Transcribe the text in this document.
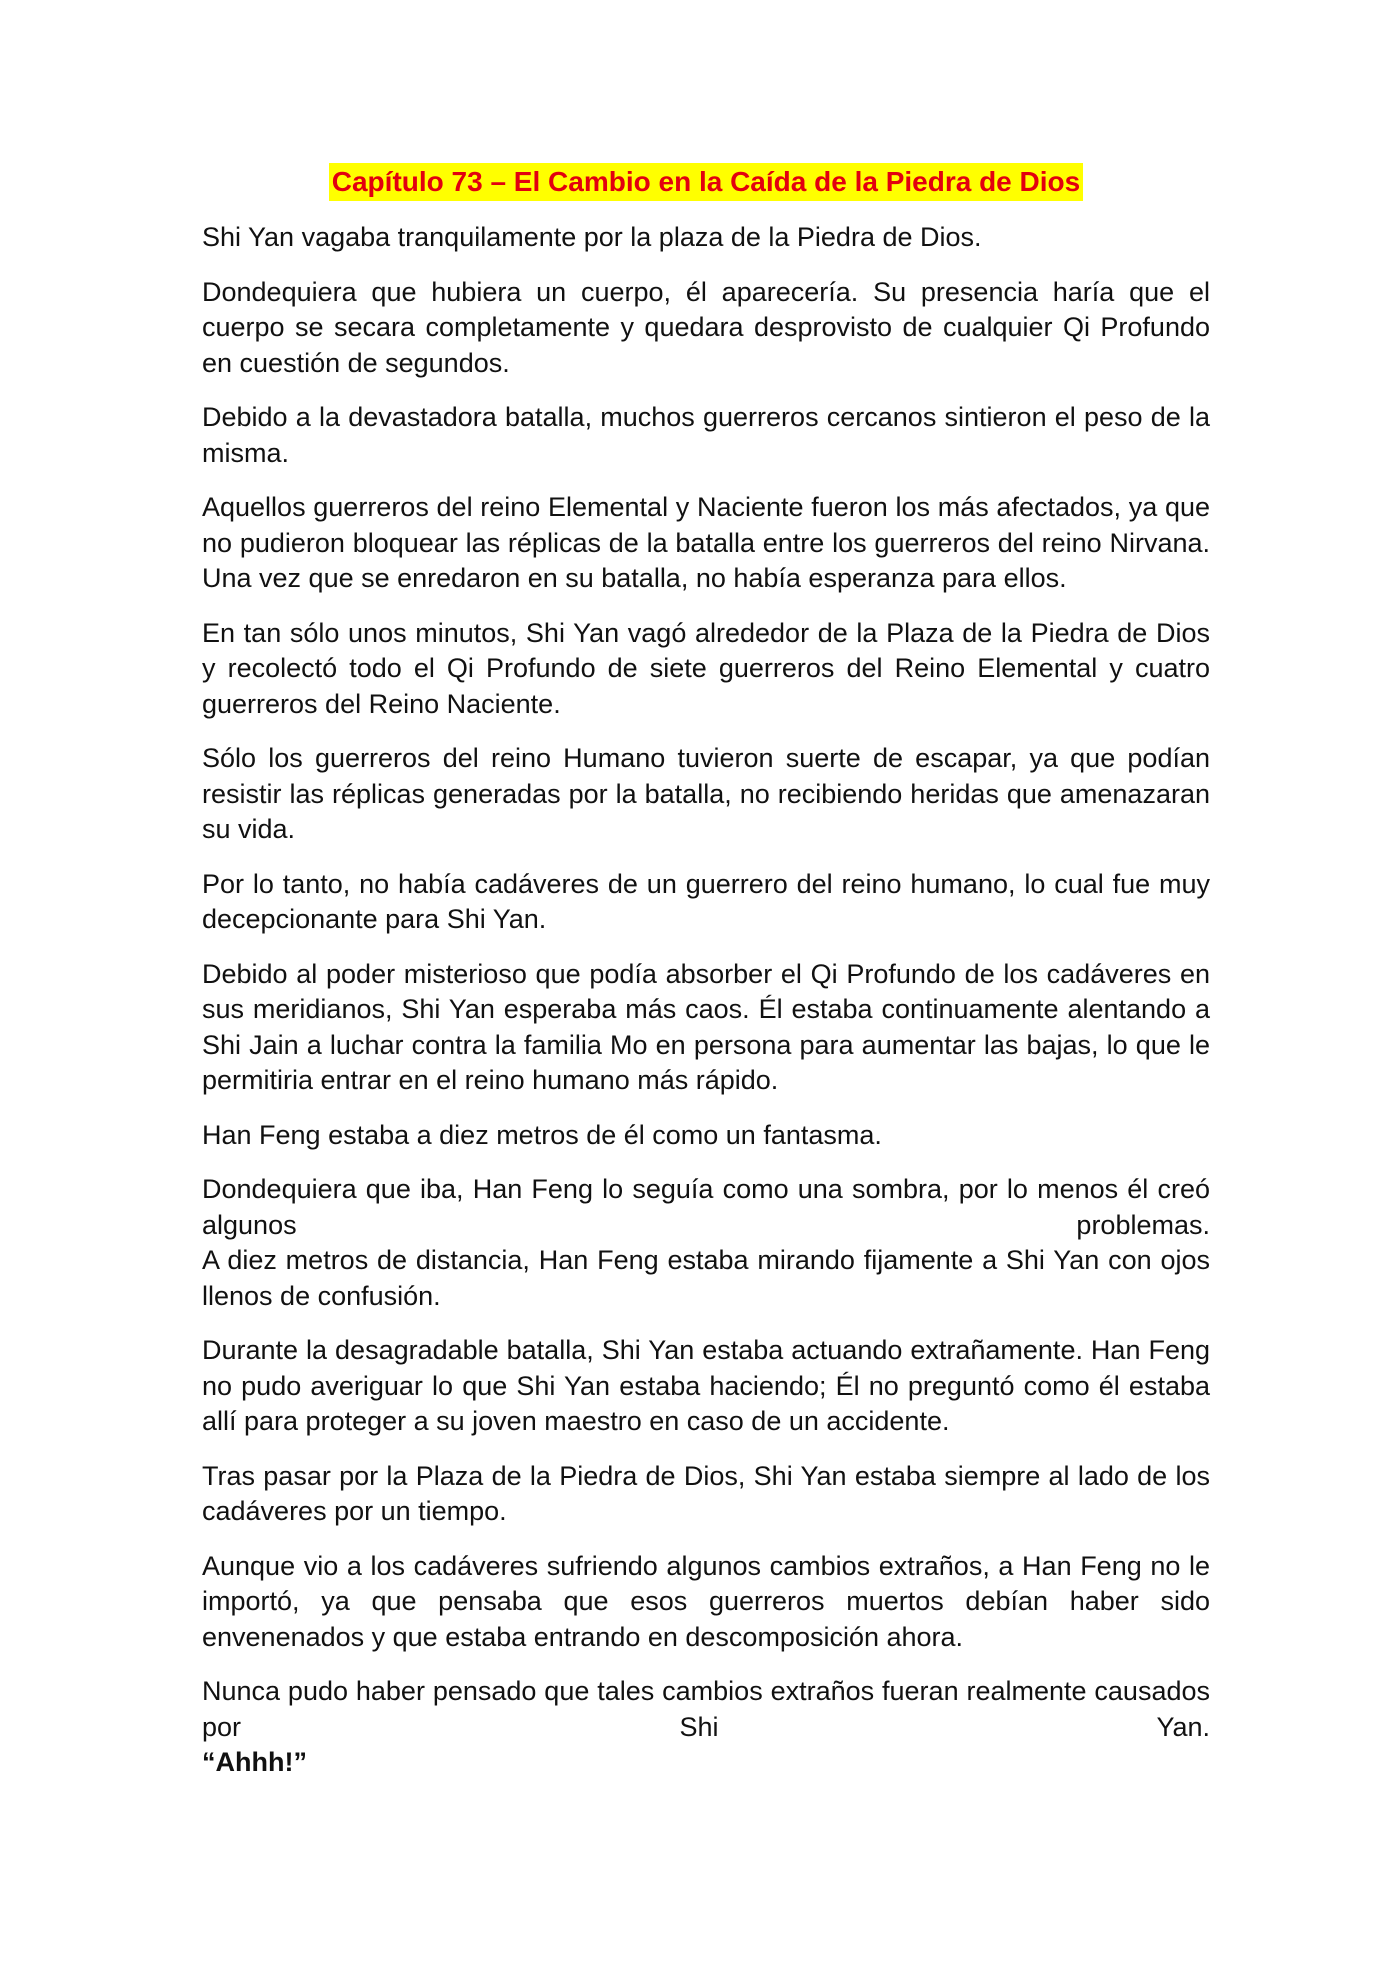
Capítulo 73 – El Cambio en la Caída de la Piedra de Dios

Shi Yan vagaba tranquilamente por la plaza de la Piedra de Dios.

Dondequiera que hubiera un cuerpo, él aparecería. Su presencia haría que el cuerpo se secara completamente y quedara desprovisto de cualquier Qi Profundo en cuestión de segundos.

Debido a la devastadora batalla, muchos guerreros cercanos sintieron el peso de la misma.

Aquellos guerreros del reino Elemental y Naciente fueron los más afectados, ya que no pudieron bloquear las réplicas de la batalla entre los guerreros del reino Nirvana. Una vez que se enredaron en su batalla, no había esperanza para ellos.

En tan sólo unos minutos, Shi Yan vagó alrededor de la Plaza de la Piedra de Dios y recolectó todo el Qi Profundo de siete guerreros del Reino Elemental y cuatro guerreros del Reino Naciente.

Sólo los guerreros del reino Humano tuvieron suerte de escapar, ya que podían resistir las réplicas generadas por la batalla, no recibiendo heridas que amenazaran su vida.

Por lo tanto, no había cadáveres de un guerrero del reino humano, lo cual fue muy decepcionante para Shi Yan.

Debido al poder misterioso que podía absorber el Qi Profundo de los cadáveres en sus meridianos, Shi Yan esperaba más caos. Él estaba continuamente alentando a Shi Jain a luchar contra la familia Mo en persona para aumentar las bajas, lo que le permitiria entrar en el reino humano más rápido.

Han Feng estaba a diez metros de él como un fantasma.

Dondequiera que iba, Han Feng lo seguía como una sombra, por lo menos él creó algunos problemas.
A diez metros de distancia, Han Feng estaba mirando fijamente a Shi Yan con ojos llenos de confusión.

Durante la desagradable batalla, Shi Yan estaba actuando extrañamente. Han Feng no pudo averiguar lo que Shi Yan estaba haciendo; Él no preguntó como él estaba allí para proteger a su joven maestro en caso de un accidente.

Tras pasar por la Plaza de la Piedra de Dios, Shi Yan estaba siempre al lado de los cadáveres por un tiempo.

Aunque vio a los cadáveres sufriendo algunos cambios extraños, a Han Feng no le importó, ya que pensaba que esos guerreros muertos debían haber sido envenenados y que estaba entrando en descomposición ahora.

Nunca pudo haber pensado que tales cambios extraños fueran realmente causados por Shi Yan.
“Ahhh!”
